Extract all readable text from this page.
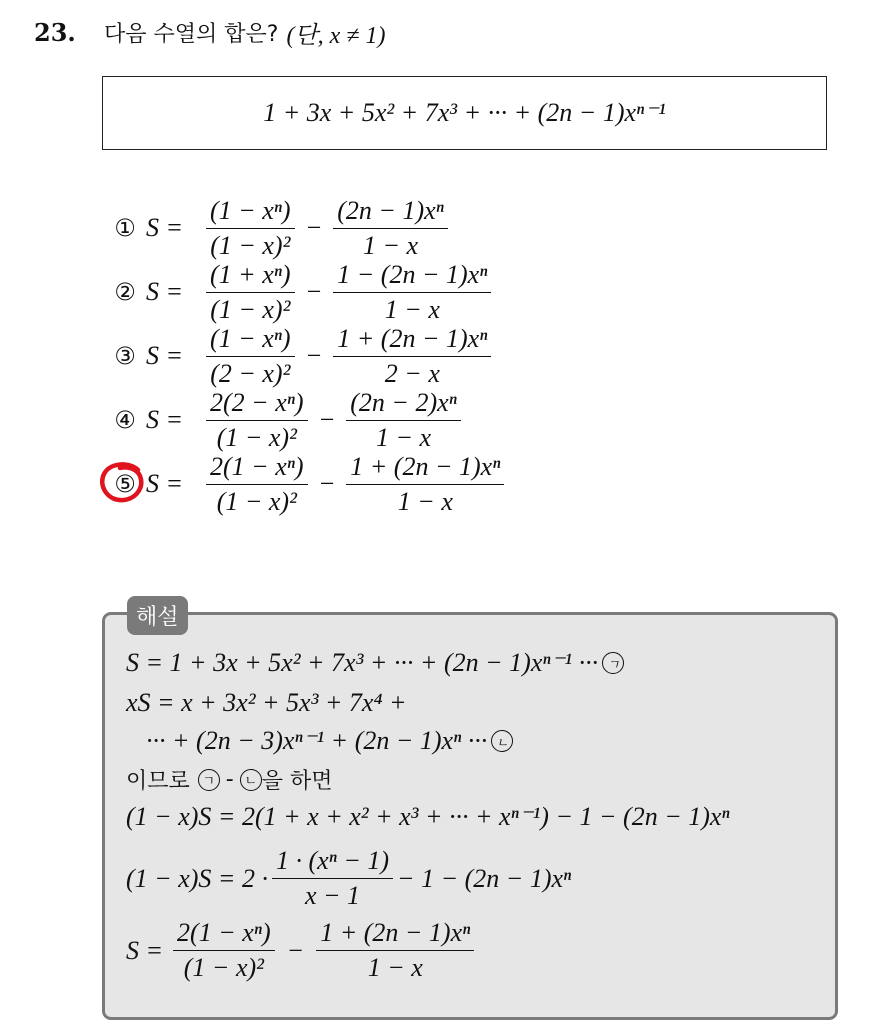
23.	다음 수열의 합은? (단, x ≠ 1)
1 + 3x + 5x² + 7x³ + ··· + (2n − 1)xⁿ⁻¹
① $S = \frac{\text{(1 − xⁿ)}}{\text{(1 − x)²}} - \frac{\text{(2n − 1)xⁿ}}{1 - x}$
② $S = \frac{\text{(1 + xⁿ)}}{\text{(1 − x)²}} - \frac{\text{1 − (2n − 1)xⁿ}}{1 - x}$
③ $S = \frac{\text{(1 − xⁿ)}}{\text{(2 − x)²}} - \frac{\text{1 + (2n − 1)xⁿ}}{2 - x}$
④ $S = \frac{\text{2(2 − xⁿ)}}{\text{(1 − x)²}} - \frac{\text{(2n − 2)xⁿ}}{1 - x}$
⑤ $S = \frac{\text{2(1 − xⁿ)}}{\text{(1 − x)²}} - \frac{\text{1 + (2n − 1)xⁿ}}{1 - x}$
해설
S = 1 + 3x + 5x² + 7x³ + ··· + (2n − 1)xⁿ⁻¹ ··· ㄱ
xS = x + 3x² + 5x³ + 7x⁴ +
··· + (2n − 3)xⁿ⁻¹ + (2n − 1)xⁿ ··· ㄴ
이므로 ㄱ - ㄴ 을 하면
(1 − x)S = 2(1 + x + x² + x³ + ··· + xⁿ⁻¹) − 1 − (2n − 1)xⁿ
$(1 - x)S = 2 \cdot \frac{\text{1 · (xⁿ − 1)}}{x - 1} - 1 - (2n - 1)x^n$
$S = \frac{\text{2(1 − xⁿ)}}{\text{(1 − x)²}} - \frac{\text{1 + (2n − 1)xⁿ}}{1 - x}$
